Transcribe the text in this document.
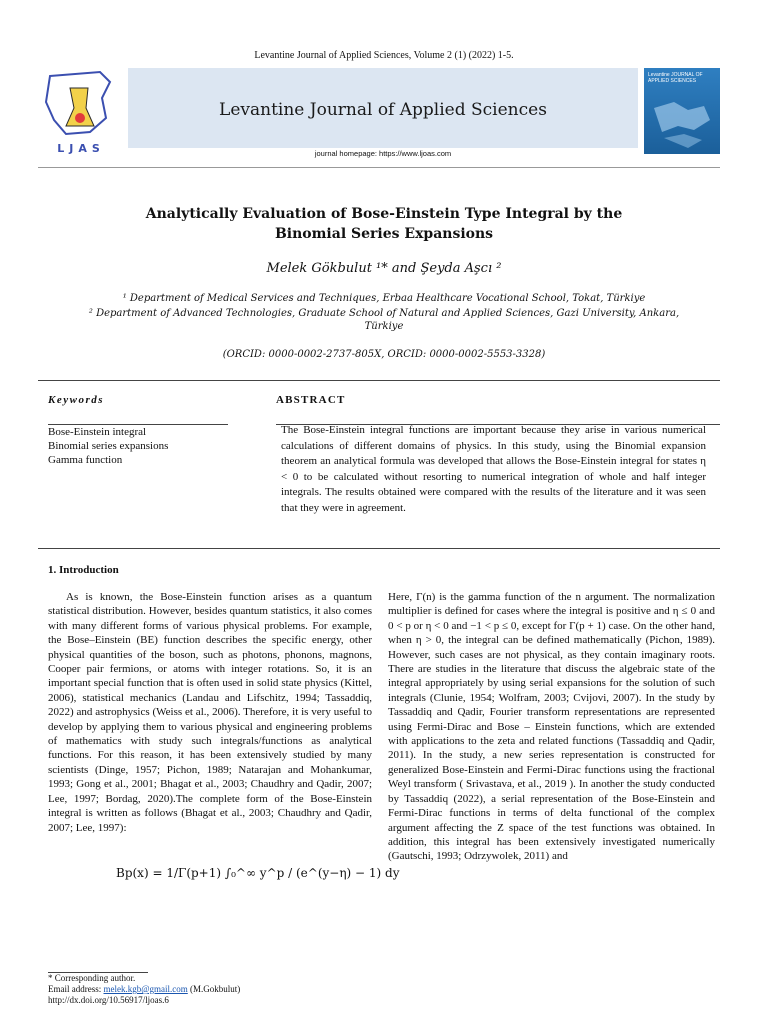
Levantine Journal of Applied Sciences, Volume 2 (1) (2022) 1-5.
LJAS
Levantine Journal of Applied Sciences
journal homepage: https://www.ljoas.com
Levantine JOURNAL OF APPLIED SCIENCES
Analytically Evaluation of Bose-Einstein Type Integral by the
Binomial Series Expansions
Melek Gökbulut ¹* and Şeyda Aşcı ²
¹ Department of Medical Services and Techniques, Erbaa Healthcare Vocational School, Tokat, Türkiye
² Department of Advanced Technologies, Graduate School of Natural and Applied Sciences, Gazi University, Ankara, Türkiye
(ORCID: 0000-0002-2737-805X, ORCID: 0000-0002-5553-3328)
Keywords	ABSTRACT
Bose-Einstein integral
Binomial series expansions
Gamma function
The Bose-Einstein integral functions are important because they arise in various numerical calculations of different domains of physics. In this study, using the Binomial expansion theorem an analytical formula was developed that allows the Bose-Einstein integral for states η < 0 to be calculated without resorting to numerical integration of whole and half integer integrals. The results obtained were compared with the results of the literature and it was seen that they were in agreement.
1. Introduction
As is known, the Bose-Einstein function arises as a quantum statistical distribution. However, besides quantum statistics, it also comes with many different forms of various physical problems. For example, the Bose–Einstein (BE) function describes the specific energy, other physical quantities of the boson, such as photons, phonons, magnons, Cooper pair fermions, or atoms with integer rotations. So, it is an important special function that is often used in solid state physics (Kittel, 2006), statistical mechanics (Landau and Lifschitz, 1994; Tassaddiq, 2022) and astrophysics (Weiss et al., 2006). Therefore, it is very useful to develop by applying them to various physical and engineering problems of mathematics with study such integrals/functions as analytical functions. For this reason, it has been extensively studied by many scientists (Dinge, 1957; Pichon, 1989; Natarajan and Mohankumar, 1993; Gong et al., 2001; Bhagat et al., 2003; Chaudhry and Qadir, 2007; Lee, 1997; Bordag, 2020).The complete form of the Bose-Einstein integral is written as follows (Bhagat et al., 2003; Chaudhry and Qadir, 2007; Lee, 1997):
Bp(x) = 1/Γ(p+1) ∫₀^∞ y^p / (e^(y−η) − 1) dy
Here, Γ(n) is the gamma function of the n argument. The normalization multiplier is defined for cases where the integral is positive and η ≤ 0 and 0 < p or η < 0 and −1 < p ≤ 0, except for Γ(p + 1) case. On the other hand, when η > 0, the integral can be defined mathematically (Pichon, 1989). However, such cases are not physical, as they contain imaginary roots. There are studies in the literature that discuss the algebraic state of the integral appropriately by using serial expansions for the solution of such integrals (Clunie, 1954; Wolfram, 2003; Cvijovi, 2007). In the study by Tassaddiq and Qadir, Fourier transform representations are represented using Fermi-Dirac and Bose – Einstein functions, which are extended with applications to the zeta and related functions (Tassaddiq and Qadir, 2011). In the study, a new series representation is constructed for generalized Bose-Einstein and Fermi-Dirac functions using the fractional Weyl transform ( Srivastava, et al., 2019 ). In another the study conducted by Tassaddiq (2022), a serial representation of the Bose-Einstein and Fermi-Dirac functions in terms of delta functional of the complex argument affecting the Z space of the test functions was obtained. In addition, this integral has been extensively investigated numerically (Gautschi, 1993; Odrzywolek, 2011) and
* Corresponding author.
Email address: melek.kgb@gmail.com (M.Gokbulut)
http://dx.doi.org/10.56917/ljoas.6
